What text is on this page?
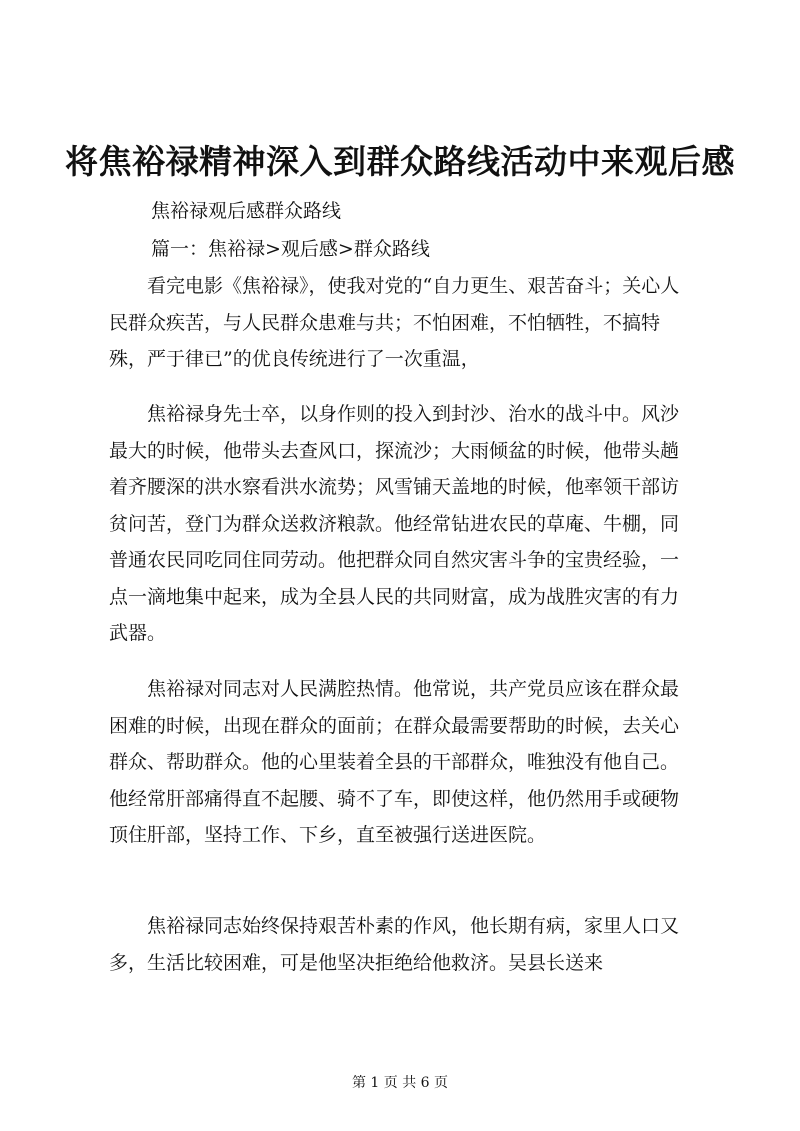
将焦裕禄精神深入到群众路线活动中来观后感
焦裕禄观后感群众路线
篇一：焦裕禄>观后感>群众路线

看完电影《焦裕禄》，使我对党的“自力更生、艰苦奋斗；关心人民群众疾苦，与人民群众患难与共；不怕困难，不怕牺牲，不搞特殊，严于律已”的优良传统进行了一次重温，

焦裕禄身先士卒，以身作则的投入到封沙、治水的战斗中。风沙最大的时候，他带头去查风口，探流沙；大雨倾盆的时候，他带头趟着齐腰深的洪水察看洪水流势；风雪铺天盖地的时候，他率领干部访贫问苦，登门为群众送救济粮款。他经常钻进农民的草庵、牛棚，同普通农民同吃同住同劳动。他把群众同自然灾害斗争的宝贵经验，一点一滴地集中起来，成为全县人民的共同财富，成为战胜灾害的有力武器。

焦裕禄对同志对人民满腔热情。他常说，共产党员应该在群众最困难的时候，出现在群众的面前；在群众最需要帮助的时候，去关心群众、帮助群众。他的心里装着全县的干部群众，唯独没有他自己。他经常肝部痛得直不起腰、骑不了车，即使这样，他仍然用手或硬物顶住肝部，坚持工作、下乡，直至被强行送进医院。

焦裕禄同志始终保持艰苦朴素的作风，他长期有病，家里人口又多，生活比较困难，可是他坚决拒绝给他救济。吴县长送来

第 1 页 共 6 页
